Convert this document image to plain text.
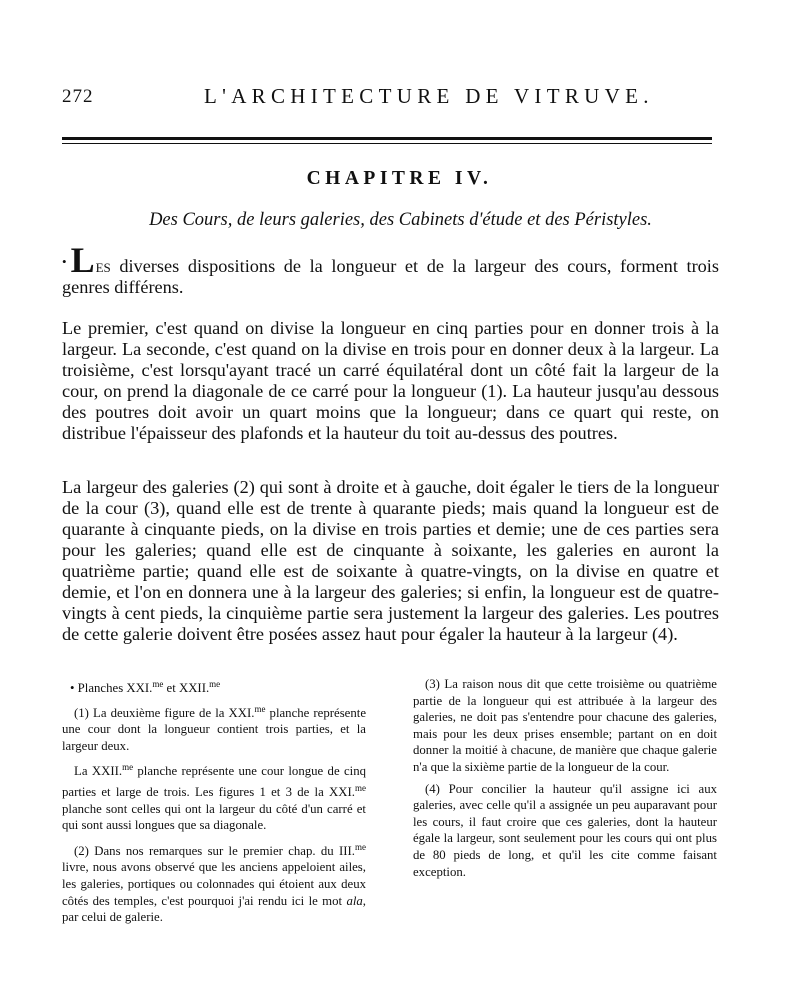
272	L'ARCHITECTURE DE VITRUVE.
CHAPITRE IV.
Des Cours, de leurs galeries, des Cabinets d'étude et des Péristyles.

• Les diverses dispositions de la longueur et de la largeur des cours, forment trois genres différens.

Le premier, c'est quand on divise la longueur en cinq parties pour en donner trois à la largeur. La seconde, c'est quand on la divise en trois pour en donner deux à la largeur. La troisième, c'est lorsqu'ayant tracé un carré équilatéral dont un côté fait la largeur de la cour, on prend la diagonale de ce carré pour la longueur (1). La hauteur jusqu'au dessous des poutres doit avoir un quart moins que la longueur; dans ce quart qui reste, on distribue l'épaisseur des plafonds et la hauteur du toit au-dessus des poutres.

La largeur des galeries (2) qui sont à droite et à gauche, doit égaler le tiers de la longueur de la cour (3), quand elle est de trente à quarante pieds; mais quand la longueur est de quarante à cinquante pieds, on la divise en trois parties et demie; une de ces parties sera pour les galeries; quand elle est de cinquante à soixante, les galeries en auront la quatrième partie; quand elle est de soixante à quatre-vingts, on la divise en quatre et demie, et l'on en donnera une à la largeur des galeries; si enfin, la longueur est de quatre-vingts à cent pieds, la cinquième partie sera justement la largeur des galeries. Les poutres de cette galerie doivent être posées assez haut pour égaler la hauteur à la largeur (4).

• Planches XXI.$^{me}$ et XXII.$^{me}$

(1) La deuxième figure de la XXI.$^{me}$ planche représente une cour dont la longueur contient trois parties, et la largeur deux.

La XXII.$^{me}$ planche représente une cour longue de cinq parties et large de trois. Les figures 1 et 3 de la XXI.$^{me}$ planche sont celles qui ont la largeur du côté d'un carré et qui sont aussi longues que sa diagonale.

(2) Dans nos remarques sur le premier chap. du III.$^{me}$ livre, nous avons observé que les anciens appeloient ailes, les galeries, portiques ou colonnades qui étoient aux deux côtés des temples, c'est pourquoi j'ai rendu ici le mot ala, par celui de galerie.

(3) La raison nous dit que cette troisième ou quatrième partie de la longueur qui est attribuée à la largeur des galeries, ne doit pas s'entendre pour chacune des galeries, mais pour les deux prises ensemble; partant on en doit donner la moitié à chacune, de manière que chaque galerie n'a que la sixième partie de la longueur de la cour.

(4) Pour concilier la hauteur qu'il assigne ici aux galeries, avec celle qu'il a assignée un peu auparavant pour les cours, il faut croire que ces galeries, dont la hauteur égale la largeur, sont seulement pour les cours qui ont plus de 80 pieds de long, et qu'il les cite comme faisant exception.
